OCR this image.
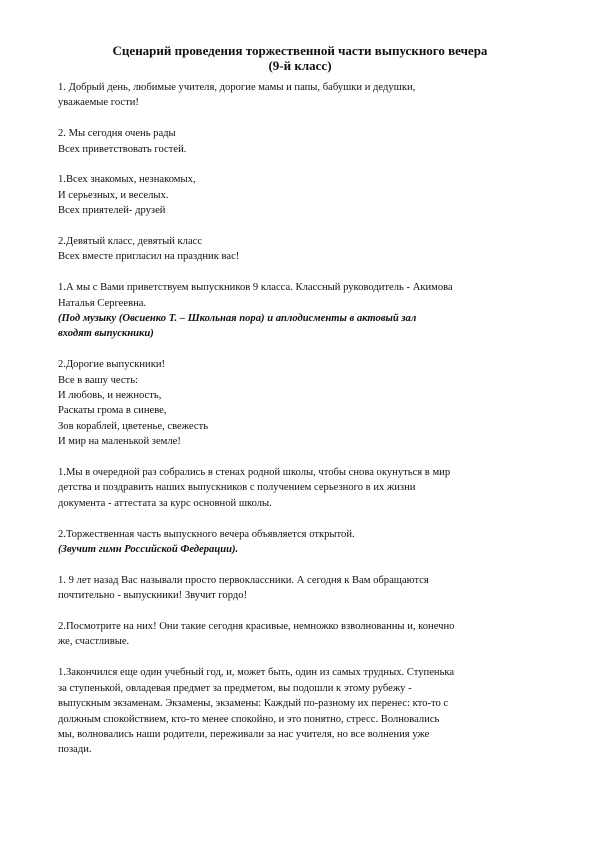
Сценарий проведения торжественной части выпускного вечера
(9-й класс)
1. Добрый день, любимые учителя, дорогие мамы и папы, бабушки и дедушки,
уважаемые гости!
2. Мы сегодня очень рады
Всех приветствовать гостей.
1.Всех знакомых, незнакомых,
И серьезных, и веселых.
Всех приятелей- друзей
2.Девятый класс, девятый класс
Всех вместе пригласил на праздник вас!
1.А мы с Вами приветствуем выпускников 9 класса. Классный руководитель - Акимова
Наталья Сергеевна.
(Под музыку (Овсиенко Т. – Школьная пора) и аплодисменты в актовый зал
входят выпускники)
2.Дорогие выпускники!
Все в вашу честь:
И любовь, и нежность,
Раскаты грома в синеве,
Зов кораблей, цветенье, свежесть
И мир на маленькой земле!
1.Мы в очередной раз собрались в стенах родной школы, чтобы снова окунуться в мир
детства и поздравить наших выпускников с получением серьезного в их жизни
документа - аттестата за курс основной школы.
2.Торжественная часть выпускного вечера объявляется открытой.
(Звучит гимн Российской Федерации).
1. 9 лет назад Вас называли просто первоклассники. А сегодня к Вам обращаются
почтительно - выпускники! Звучит гордо!
2.Посмотрите на них! Они такие сегодня красивые, немножко взволнованны и, конечно
же, счастливые.
1.Закончился еще один учебный год, и, может быть, один из самых трудных. Ступенька
за ступенькой, овладевая предмет за предметом, вы подошли к этому рубежу -
выпускным экзаменам. Экзамены, экзамены: Каждый по-разному их перенес: кто-то с
должным спокойствием, кто-то менее спокойно, и это понятно, стресс. Волновались
мы, волновались наши родители, переживали за нас учителя, но все волнения уже
позади.
